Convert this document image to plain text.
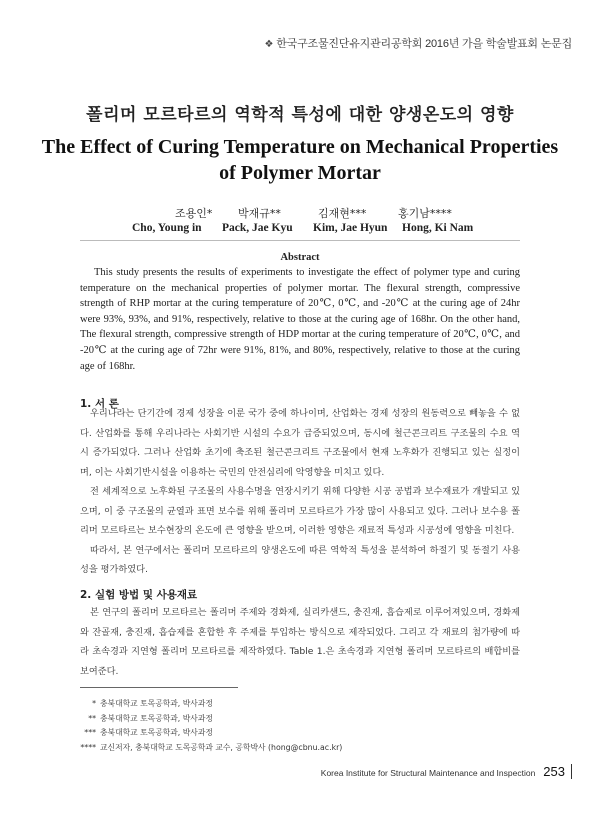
❖ 한국구조물진단유지관리공학회 2016년 가을 학술발표회 논문집
폴리머 모르타르의 역학적 특성에 대한 양생온도의 영향
The Effect of Curing Temperature on Mechanical Properties of Polymer Mortar
조용인* 박재규**	김재현***	홍기남****
Cho, Young in Pack, Jae Kyu Kim, Jae Hyun Hong, Ki Nam
Abstract
This study presents the results of experiments to investigate the effect of polymer type and curing temperature on the mechanical properties of polymer mortar. The flexural strength, compressive strength of RHP mortar at the curing temperature of 20℃, 0℃, and -20℃ at the curing age of 24hr were 93%, 93%, and 91%, respectively, relative to those at the curing age of 168hr. On the other hand, The flexural strength, compressive strength of HDP mortar at the curing temperature of 20℃, 0℃, and -20℃ at the curing age of 72hr were 91%, 81%, and 80%, respectively, relative to those at the curing age of 168hr.
1. 서 론

우리나라는 단기간에 경제 성장을 이룬 국가 중에 하나이며, 산업화는 경제 성장의 원동력으로 빼놓을 수 없다. 산업화를 통해 우리나라는 사회기반 시설의 수요가 급증되었으며, 동시에 철근콘크리트 구조물의 수요 역시 증가되었다. 그러나 산업화 초기에 축조된 철근콘크리트 구조물에서 현재 노후화가 진행되고 있는 실정이며, 이는 사회기반시설을 이용하는 국민의 안전심리에 악영향을 미치고 있다.

전 세계적으로 노후화된 구조물의 사용수명을 연장시키기 위해 다양한 시공 공법과 보수재료가 개발되고 있으며, 이 중 구조물의 균열과 표면 보수를 위해 폴리머 모르타르가 가장 많이 사용되고 있다. 그러나 보수용 폴리머 모르타르는 보수현장의 온도에 큰 영향을 받으며, 이러한 영향은 재료적 특성과 시공성에 영향을 미친다.

따라서, 본 연구에서는 폴리머 모르타르의 양생온도에 따른 역학적 특성을 분석하여 하절기 및 동절기 사용성을 평가하였다.

2. 실험 방법 및 사용재료

본 연구의 폴리머 모르타르는 폴리머 주제와 경화제, 실리카샌드, 충진재, 흡습제로 이루어져있으며, 경화제와 잔골재, 충진재, 흡습제를 혼합한 후 주제를 투입하는 방식으로 제작되었다. 그리고 각 재료의 첨가량에 따라 초속경과 지연형 폴리머 모르타르를 제작하였다. Table 1.은 초속경과 지연형 폴리머 모르타르의 배합비를 보여준다.

* 충북대학교 토목공학과, 박사과정
** 충북대학교 토목공학과, 박사과정
*** 충북대학교 토목공학과, 박사과정
**** 교신저자, 충북대학교 도목공학과 교수, 공학박사 (hong@cbnu.ac.kr)
Korea Institute for Structural Maintenance and Inspection 253
